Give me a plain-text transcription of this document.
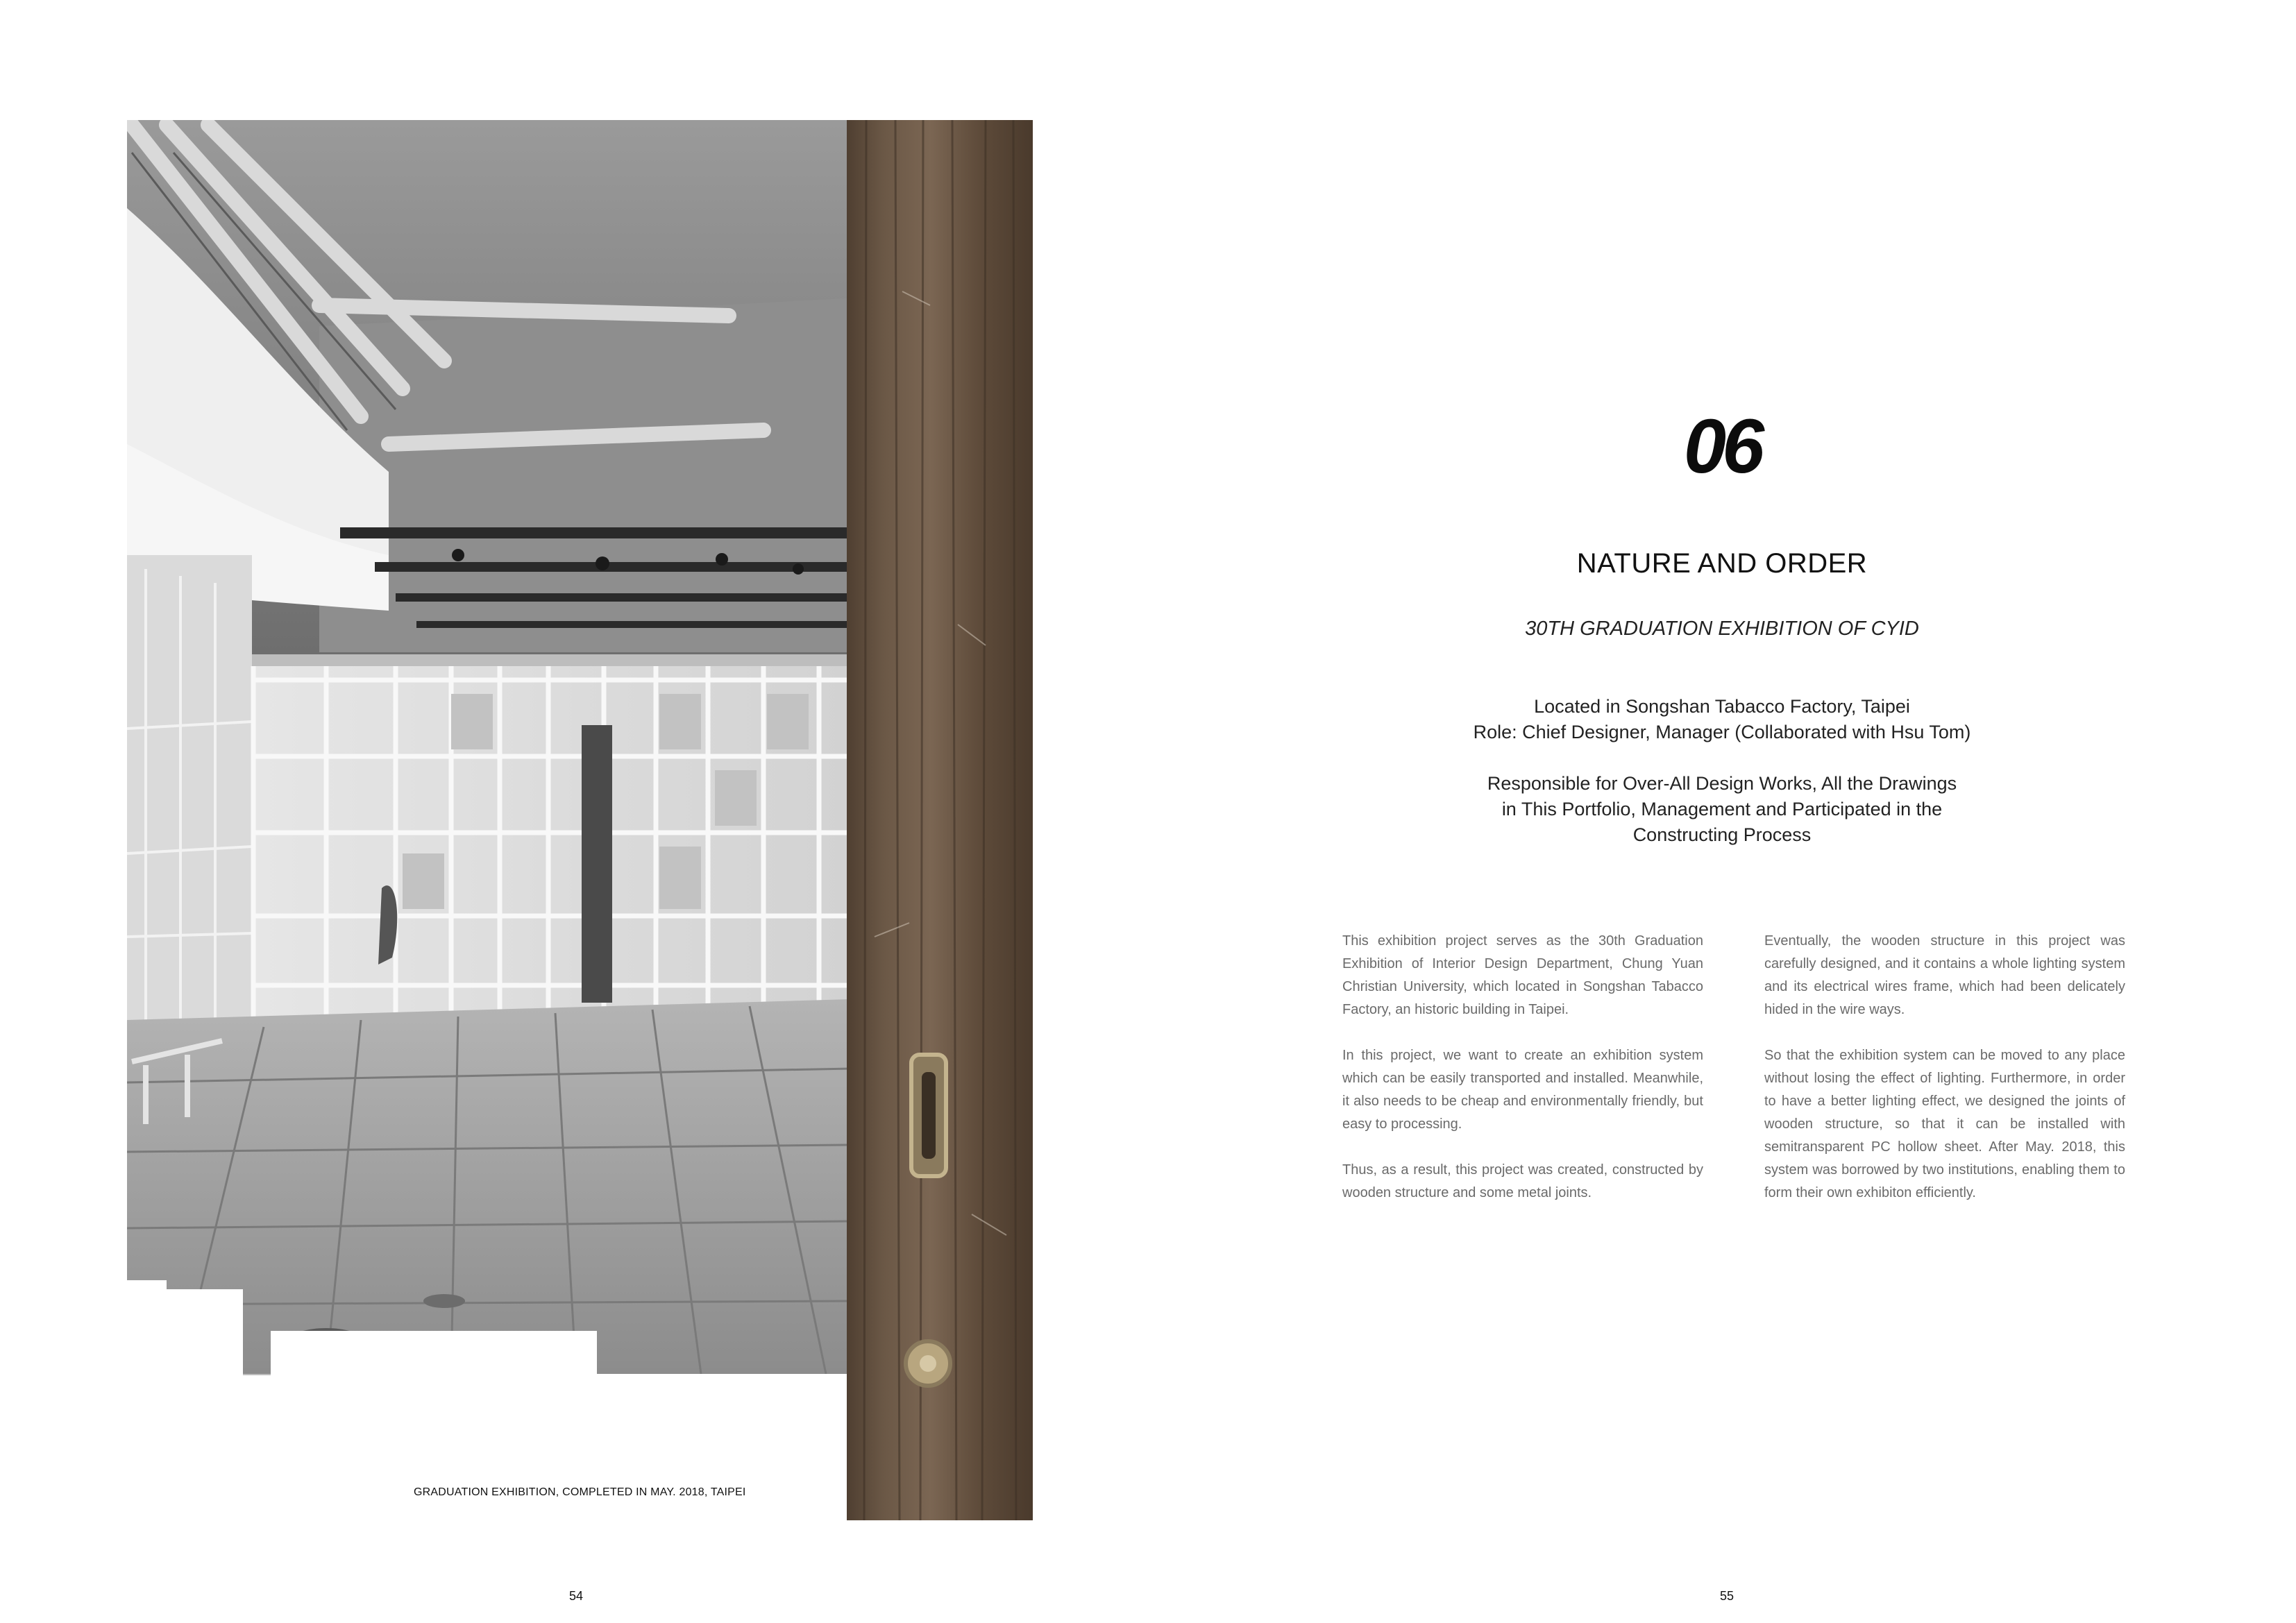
GRADUATION EXHIBITION, COMPLETED IN MAY. 2018, TAIPEI
54
06
NATURE AND ORDER
30TH GRADUATION EXHIBITION OF CYID

Located in Songshan Tabacco Factory, Taipei

Role: Chief Designer, Manager (Collaborated with Hsu Tom)

Responsible for Over-All Design Works, All the Drawings

in This Portfolio, Management and Participated in the

Constructing Process

This exhibition project serves as the 30th Graduation Exhibition of Interior Design Department, Chung Yuan Christian University, which located in Songshan Tabacco Factory, an historic building in Taipei.

In this project, we want to create an exhibition system which can be easily transported and installed. Meanwhile, it also needs to be cheap and environmentally friendly, but easy to processing.

Thus, as a result, this project was created, constructed by wooden structure and some metal joints.

Eventually, the wooden structure in this project was carefully designed, and it contains a whole lighting system and its electrical wires frame, which had been delicately hided in the wire ways.

So that the exhibition system can be moved to any place without losing the effect of lighting. Furthermore, in order to have a better lighting effect, we designed the joints of wooden structure, so that it can be installed with semitransparent PC hollow sheet. After May. 2018, this system was borrowed by two institutions, enabling them to form their own exhibiton efficiently.

55
